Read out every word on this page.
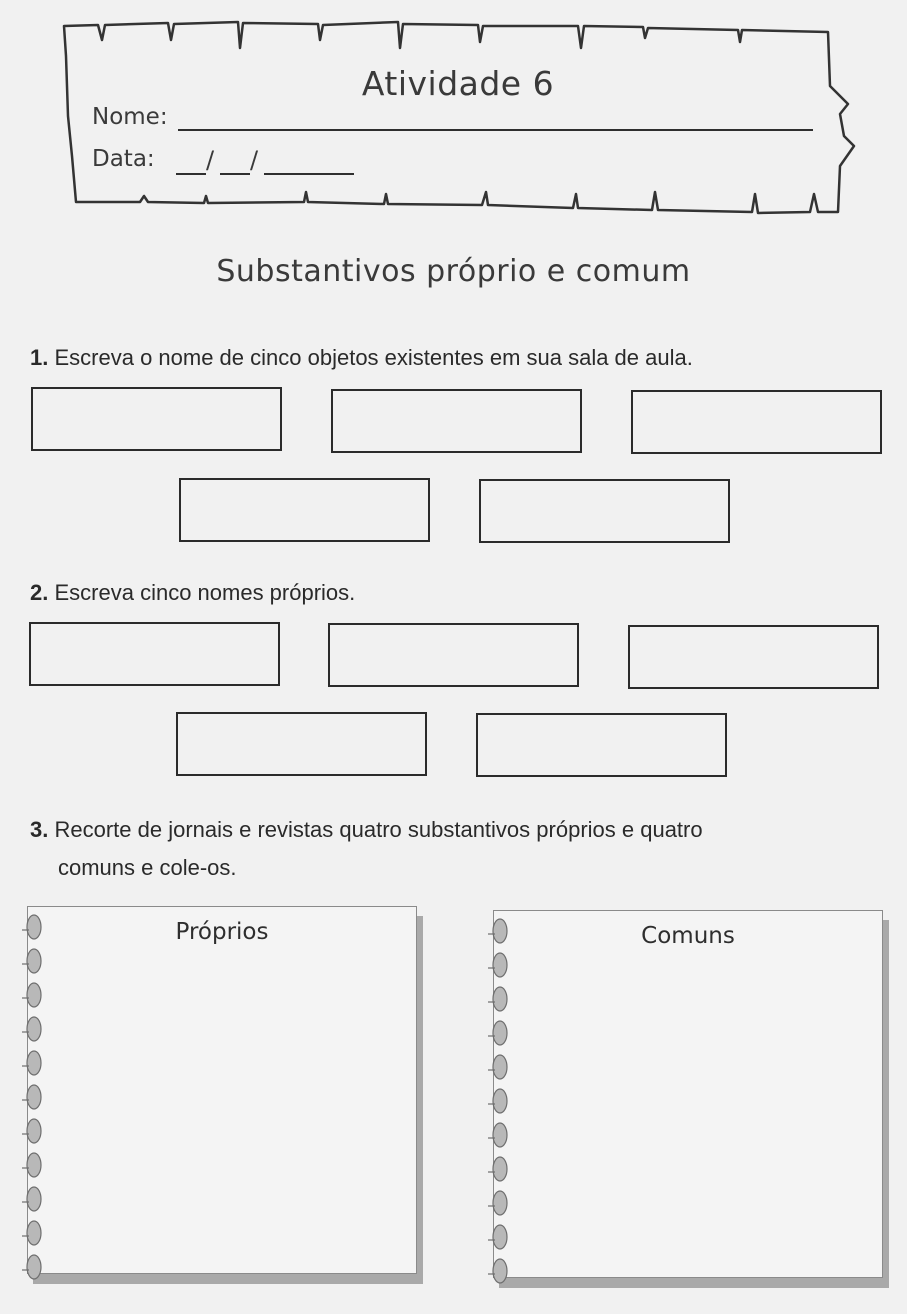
Atividade 6
Nome:
Data: / /
Substantivos próprio e comum
1. Escreva o nome de cinco objetos existentes em sua sala de aula.
2. Escreva cinco nomes próprios.
3. Recorte de jornais e revistas quatro substantivos próprios e quatro
comuns e cole-os.
Próprios	Comuns
